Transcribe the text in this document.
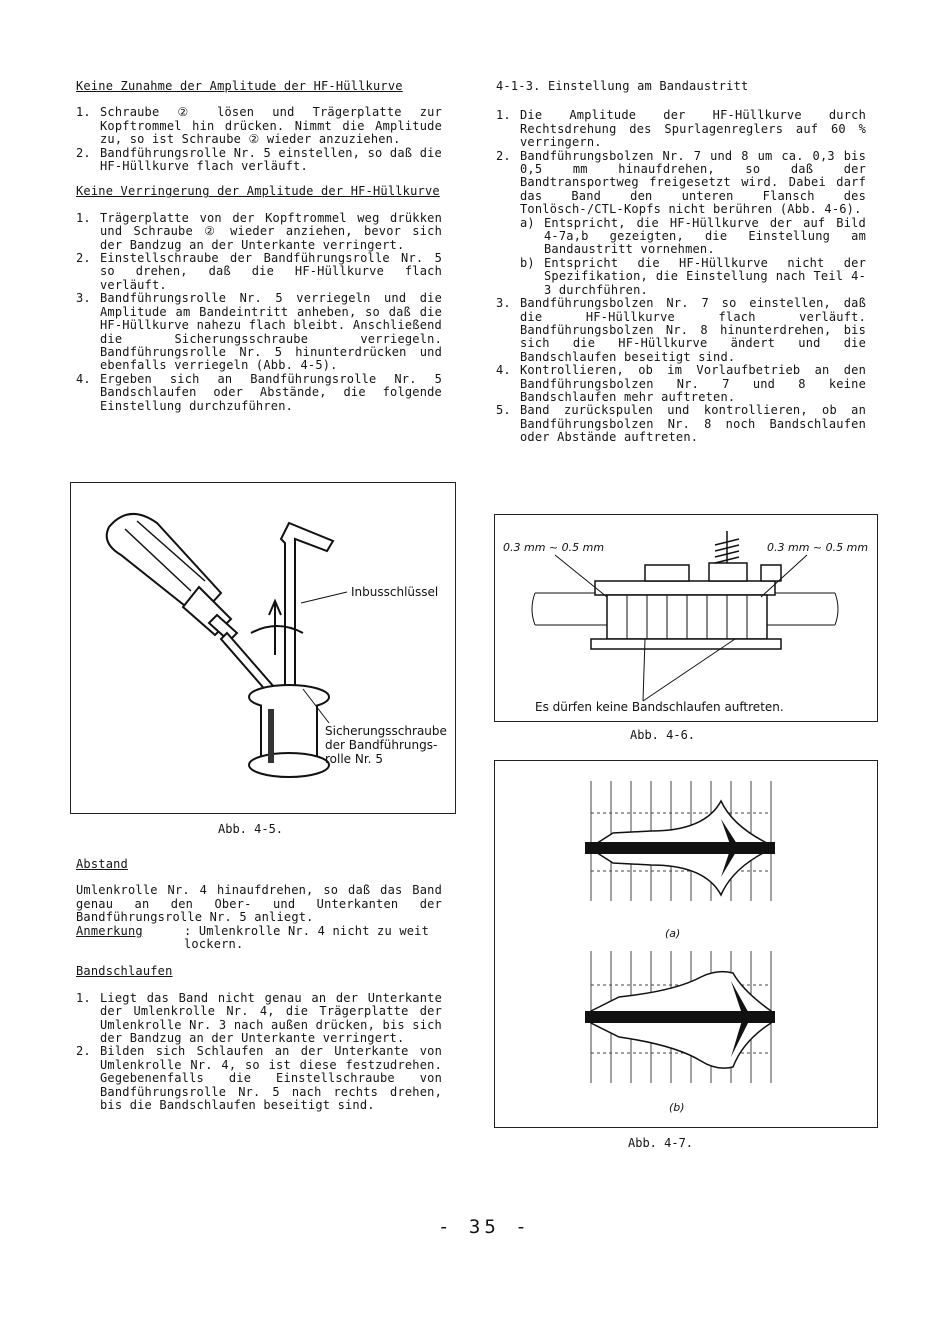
Keine Zunahme der Amplitude der HF-Hüllkurve
1. Schraube ② lösen und Trägerplatte zur Kopftrommel hin drücken. Nimmt die Amplitude zu, so ist Schraube ② wieder anzuziehen.
2. Bandführungsrolle Nr. 5 einstellen, so daß die HF-Hüllkurve flach verläuft.
Keine Verringerung der Amplitude der HF-Hüllkurve
1. Trägerplatte von der Kopftrommel weg drükken und Schraube ② wieder anziehen, bevor sich der Bandzug an der Unterkante verringert.
2. Einstellschraube der Bandführungsrolle Nr. 5 so drehen, daß die HF-Hüllkurve flach verläuft.
3. Bandführungsrolle Nr. 5 verriegeln und die Amplitude am Bandeintritt anheben, so daß die HF-Hüllkurve nahezu flach bleibt. Anschließend die Sicherungsschraube verriegeln. Bandführungsrolle Nr. 5 hinunterdrücken und ebenfalls verriegeln (Abb. 4-5).
4. Ergeben sich an Bandführungsrolle Nr. 5 Bandschlaufen oder Abstände, die folgende Einstellung durchzuführen.
Inbusschlüssel
Sicherungsschraube
der Bandführungs-
rolle Nr. 5
Abb. 4-5.
Abstand

Umlenkrolle Nr. 4 hinaufdrehen, so daß das Band genau an den Ober- und Unterkanten der Bandführungsrolle Nr. 5 anliegt.

Anmerkung	: Umlenkrolle Nr. 4 nicht zu weit lockern.
Bandschlaufen
1. Liegt das Band nicht genau an der Unterkante der Umlenkrolle Nr. 4, die Trägerplatte der Umlenkrolle Nr. 3 nach außen drücken, bis sich der Bandzug an der Unterkante verringert.
2. Bilden sich Schlaufen an der Unterkante von Umlenkrolle Nr. 4, so ist diese festzudrehen. Gegebenenfalls die Einstellschraube von Bandführungsrolle Nr. 5 nach rechts drehen, bis die Bandschlaufen beseitigt sind.
4-1-3. Einstellung am Bandaustritt
1. Die Amplitude der HF-Hüllkurve durch Rechtsdrehung des Spurlagenreglers auf 60 % verringern.
2. Bandführungsbolzen Nr. 7 und 8 um ca. 0,3 bis 0,5 mm hinaufdrehen, so daß der Bandtransportweg freigesetzt wird. Dabei darf das Band den unteren Flansch des Tonlösch-/CTL-Kopfs nicht berühren (Abb. 4-6).
a) Entspricht, die HF-Hüllkurve der auf Bild 4-7a,b gezeigten, die Einstellung am Bandaustritt vornehmen.
b) Entspricht die HF-Hüllkurve nicht der Spezifikation, die Einstellung nach Teil 4-3 durchführen.
3. Bandführungsbolzen Nr. 7 so einstellen, daß die HF-Hüllkurve flach verläuft. Bandführungsbolzen Nr. 8 hinunterdrehen, bis sich die HF-Hüllkurve ändert und die Bandschlaufen beseitigt sind.
4. Kontrollieren, ob im Vorlaufbetrieb an den Bandführungsbolzen Nr. 7 und 8 keine Bandschlaufen mehr auftreten.
5. Band zurückspulen und kontrollieren, ob an Bandführungsbolzen Nr. 8 noch Bandschlaufen oder Abstände auftreten.
0.3 mm ~ 0.5 mm	0.3 mm ~ 0.5 mm
Es dürfen keine Bandschlaufen auftreten.
Abb. 4-6.
(a)
(b)
Abb. 4-7.
- 35 -
